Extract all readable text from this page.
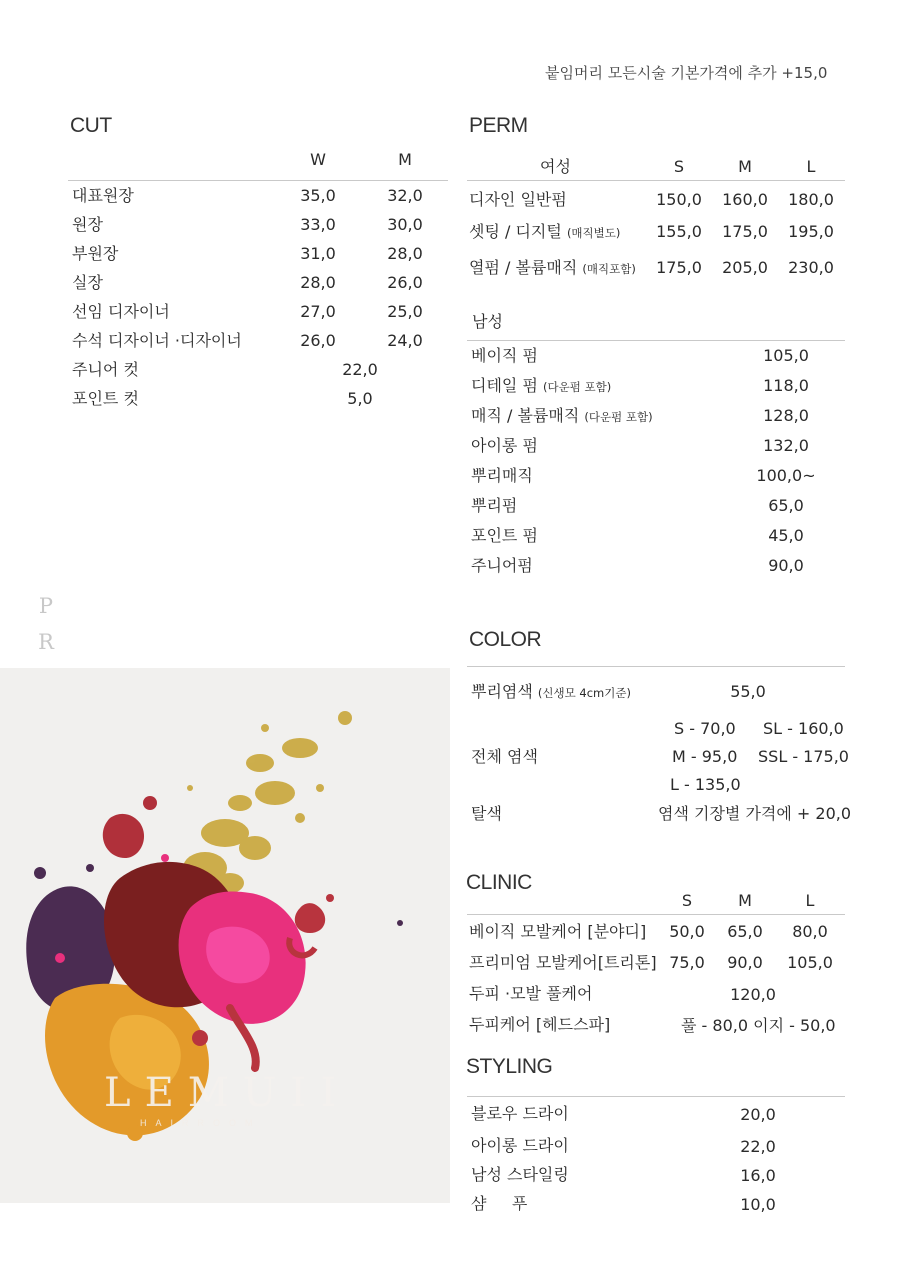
붙임머리 모든시술 기본가격에 추가 +15,0
CUT
W	M
대표원장	35,0	32,0
원장	33,0	30,0
부원장	31,0	28,0
실장	28,0	26,0
선임 디자이너	27,0	25,0
수석 디자이너 ·디자이너	26,0	24,0
주니어 컷	22,0
포인트 컷	5,0
PERM
여성	S	M	L
디자인 일반펌	150,0 160,0 180,0
셋팅 / 디지털 (매직별도) 155,0 175,0 195,0
열펌 / 볼륨매직 (매직포함) 175,0 205,0 230,0
남성
베이직 펌	105,0
디테일 펌 (다운펌 포함)	118,0
매직 / 볼륨매직 (다운펌 포함)	128,0
아이롱 펌	132,0
뿌리매직	100,0~
뿌리펌	65,0
포인트 펌	45,0
주니어펌	90,0
P
R
LEMUII
HAIRROOM
COLOR
뿌리염색 (신생모 4cm기준)	55,0
전체 염색
S - 70,0 SL - 160,0
M - 95,0 SSL - 175,0
L - 135,0
탈색	염색 기장별 가격에 + 20,0
CLINIC
S	M	L
베이직 모발케어 [분야디]	50,0	65,0	80,0
프리미엄 모발케어[트리톤] 75,0	90,0	105,0
두피 ·모발 풀케어	120,0
두피케어 [헤드스파]	풀 - 80,0 이지 - 50,0
STYLING
블로우 드라이	20,0
아이롱 드라이	22,0
남성 스타일링	16,0
샴     푸	10,0
